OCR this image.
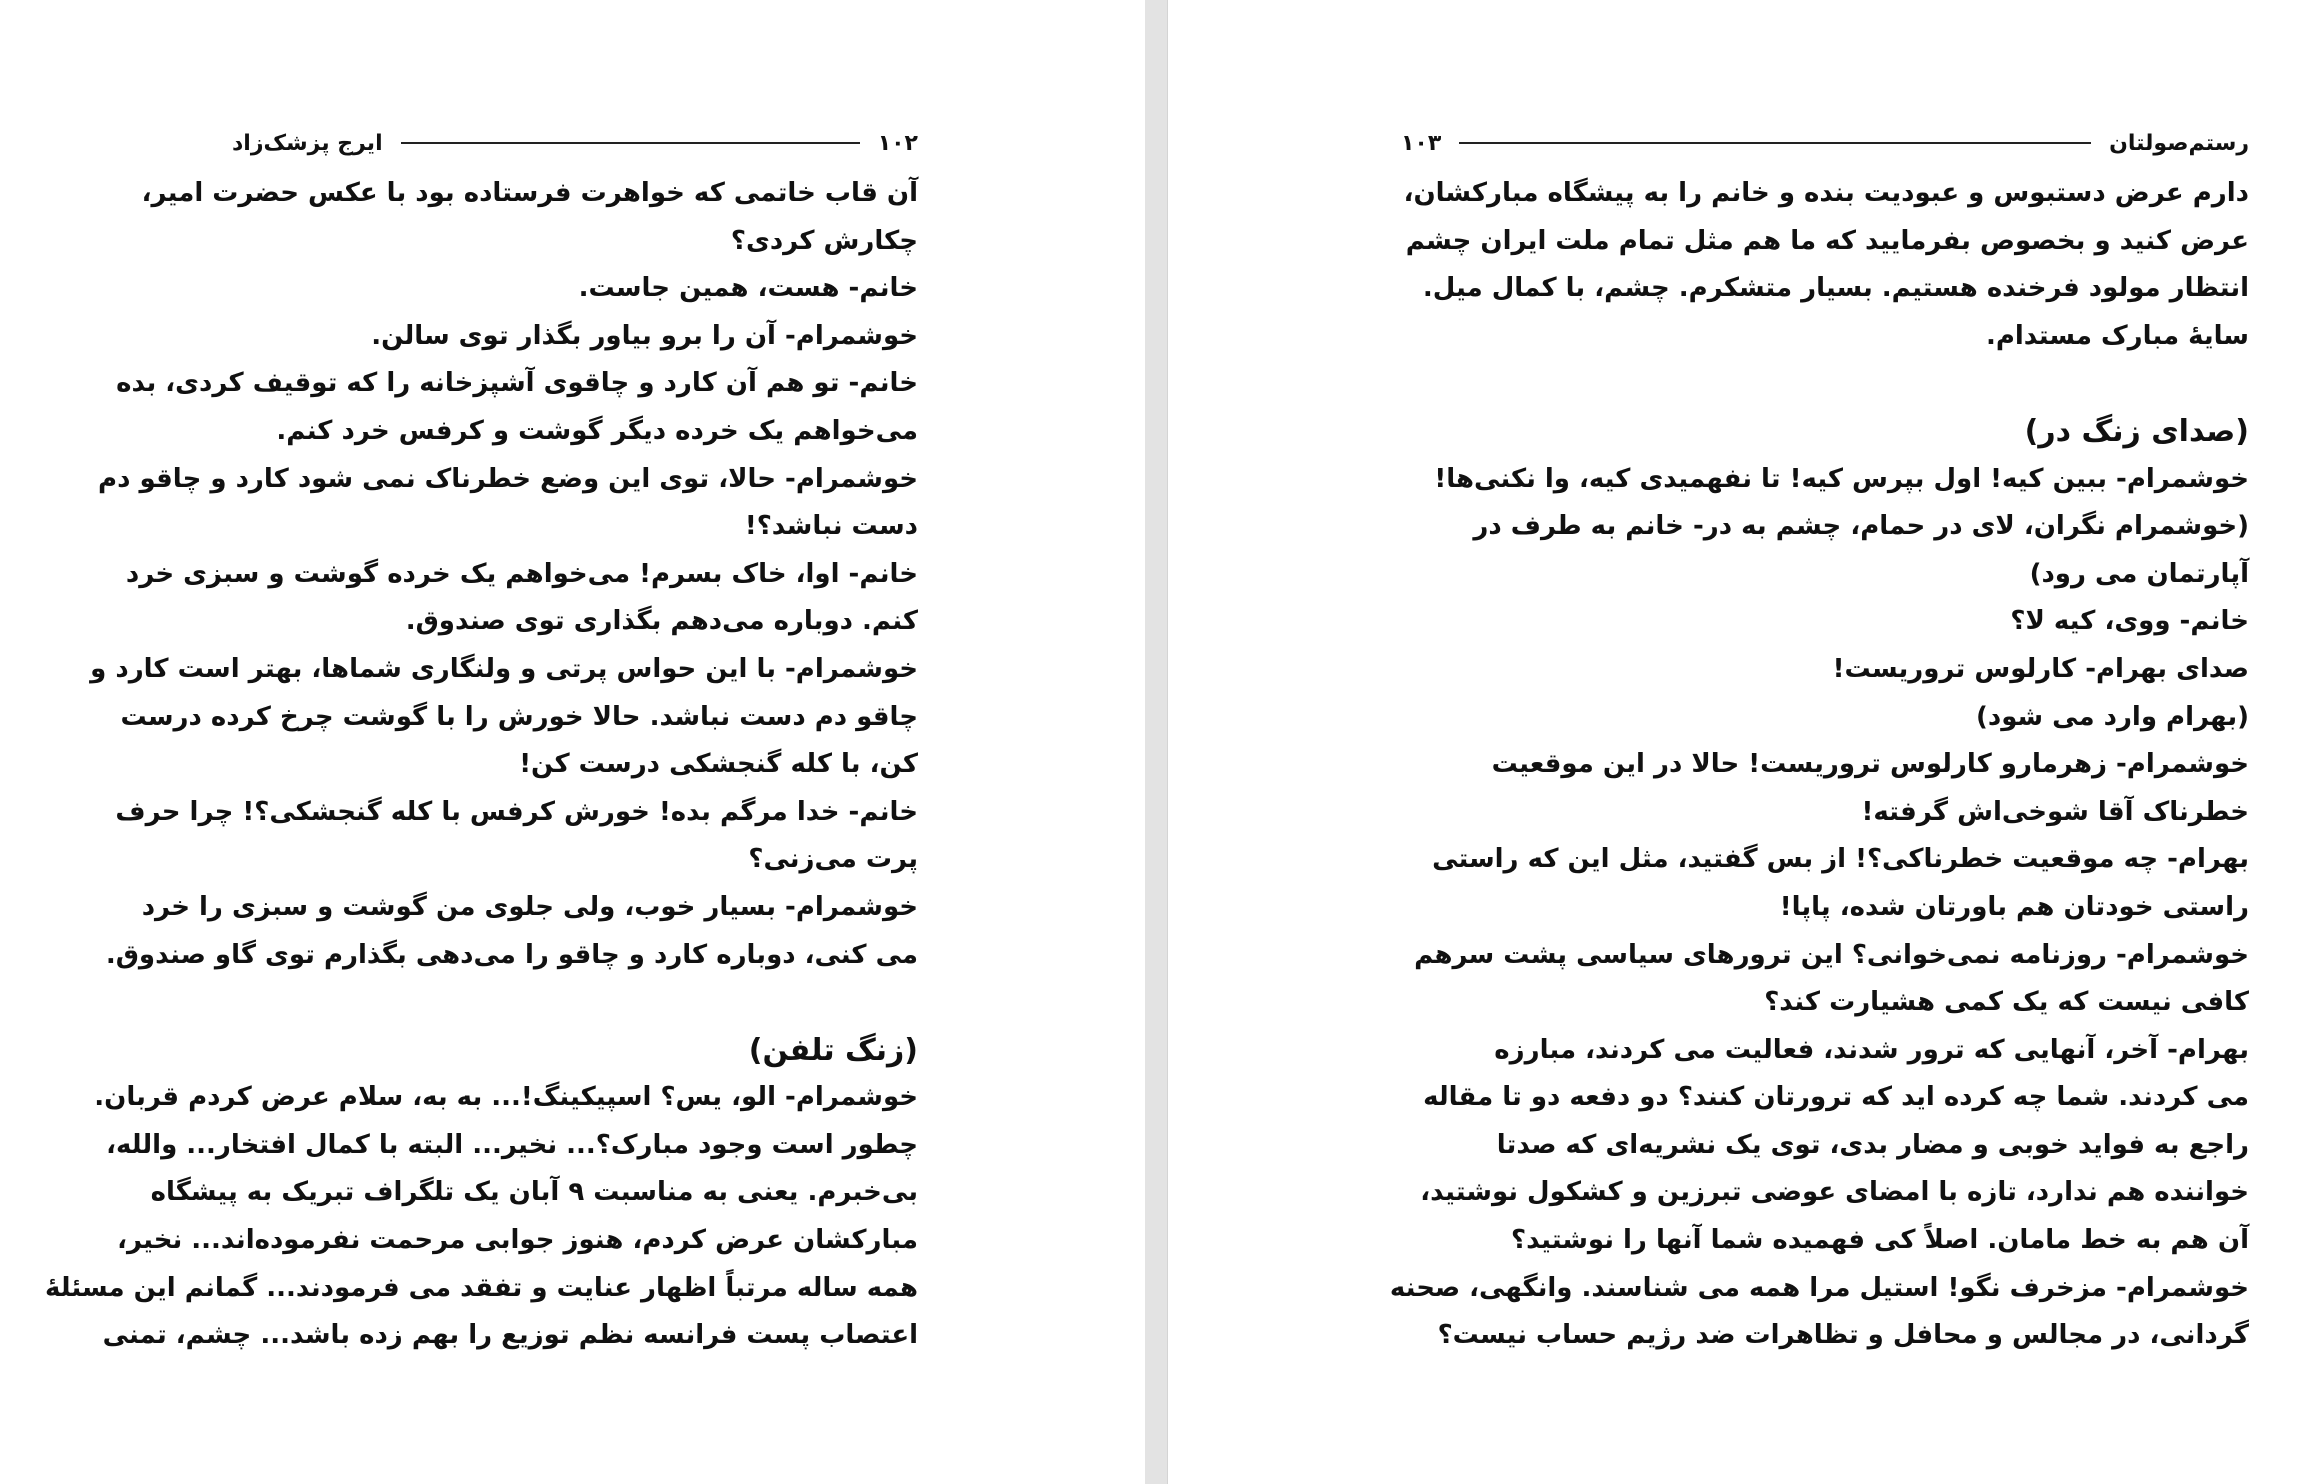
ایرج پزشک‌زاد	۱۰۲
آن قاب خاتمی که خواهرت فرستاده بود با عکس حضرت امیر،
چکارش کردی؟
خانم- هست، همین جاست.
خوشمرام- آن را برو بیاور بگذار توی سالن.
خانم- تو هم آن کارد و چاقوی آشپزخانه را که توقیف کردی، بده
می‌خواهم یک خرده دیگر گوشت و کرفس خرد کنم.
خوشمرام- حالا، توی این وضع خطرناک نمی شود کارد و چاقو دم
دست نباشد؟!
خانم- اوا، خاک بسرم! می‌خواهم یک خرده گوشت و سبزی خرد
کنم. دوباره می‌دهم بگذاری توی صندوق.
خوشمرام- با این حواس پرتی و ولنگاری شماها، بهتر است کارد و
چاقو دم دست نباشد. حالا خورش را با گوشت چرخ کرده درست
کن، با کله گنجشکی درست کن!
خانم- خدا مرگم بده! خورش کرفس با کله گنجشکی؟! چرا حرف
پرت می‌زنی؟
خوشمرام- بسیار خوب، ولی جلوی من گوشت و سبزی را خرد
می کنی، دوباره کارد و چاقو را می‌دهی بگذارم توی گاو صندوق.
(زنگ تلفن)
خوشمرام- الو، یس؟ اسپیکینگ!... به به، سلام عرض کردم قربان.
چطور است وجود مبارک؟... نخیر... البته با کمال افتخار... والله،
بی‌خبرم. یعنی به مناسبت ۹ آبان یک تلگراف تبریک به پیشگاه
مبارکشان عرض کردم، هنوز جوابی مرحمت نفرموده‌اند... نخیر،
همه ساله مرتباً اظهار عنایت و تفقد می فرمودند... گمانم این مسئلهٔ
اعتصاب پست فرانسه نظم توزیع را بهم زده باشد... چشم، تمنی
۱۰۳	رستم‌صولتان
دارم عرض دستبوس و عبودیت بنده و خانم را به پیشگاه مبارکشان،
عرض کنید و بخصوص بفرمایید که ما هم مثل تمام ملت ایران چشم
انتظار مولود فرخنده هستیم. بسیار متشکرم. چشم، با کمال میل.
سایهٔ مبارک مستدام.
(صدای زنگ در)
خوشمرام- ببین کیه! اول بپرس کیه! تا نفهمیدی کیه، وا نکنی‌ها!
(خوشمرام نگران، لای در حمام، چشم به در- خانم به طرف در
آپارتمان می رود)
خانم- ووی، کیه لا؟
صدای بهرام- کارلوس تروریست!
(بهرام وارد می شود)
خوشمرام- زهرمارو کارلوس تروریست! حالا در این موقعیت
خطرناک آقا شوخی‌اش گرفته!
بهرام- چه موقعیت خطرناکی؟! از بس گفتید، مثل این که راستی
راستی خودتان هم باورتان شده، پاپا!
خوشمرام- روزنامه نمی‌خوانی؟ این ترورهای سیاسی پشت سرهم
کافی نیست که یک کمی هشیارت کند؟
بهرام- آخر، آنهایی که ترور شدند، فعالیت می کردند، مبارزه
می کردند. شما چه کرده اید که ترورتان کنند؟ دو دفعه دو تا مقاله
راجع به فواید خوبی و مضار بدی، توی یک نشریه‌ای که صدتا
خواننده هم ندارد، تازه با امضای عوضی تبرزین و کشکول نوشتید،
آن هم به خط مامان. اصلاً کی فهمیده شما آنها را نوشتید؟
خوشمرام- مزخرف نگو! استیل مرا همه می شناسند. وانگهی، صحنه
گردانی، در مجالس و محافل و تظاهرات ضد رژیم حساب نیست؟
